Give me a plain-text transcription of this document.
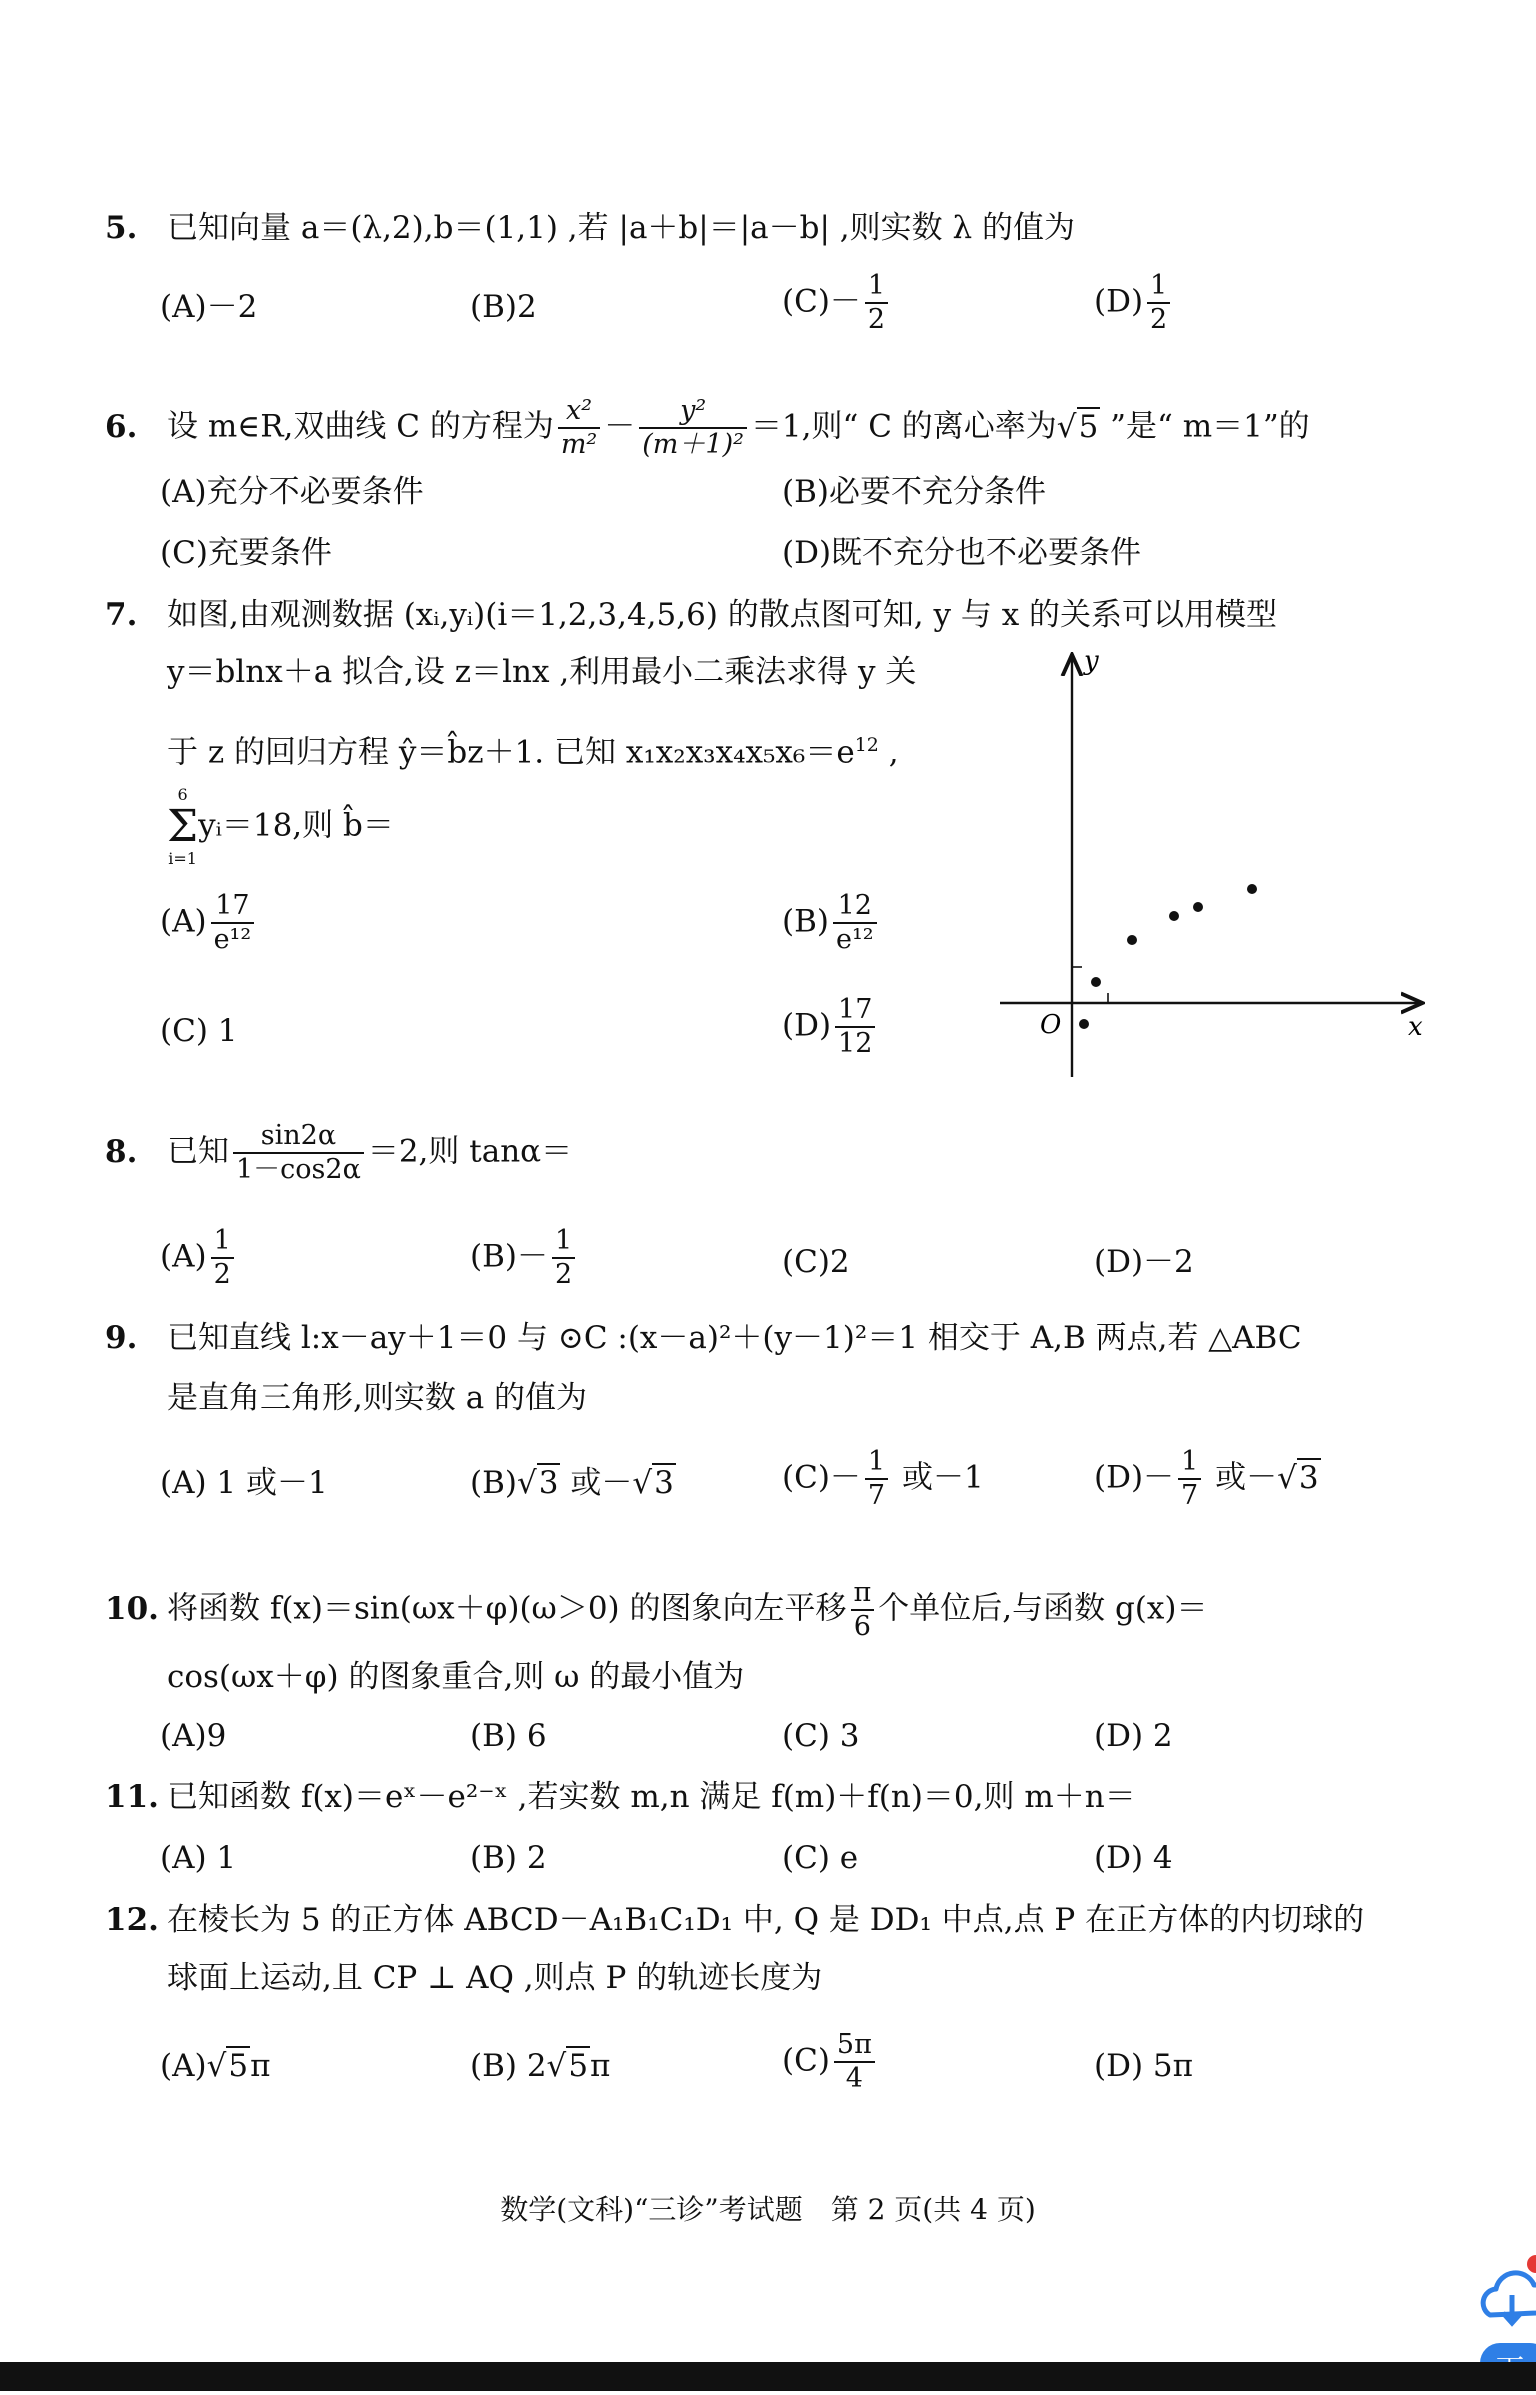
5. 已知向量 a＝(λ,2),b＝(1,1) ,若 |a＋b|＝|a－b| ,则实数 λ 的值为
(A)－2	(B)2	$(C)- \frac{1}{2}$	$(D) \frac{1}{2}$
6. 设 m∈R,双曲线 C 的方程为 $\frac{\text{x²}}{\text{m²}} - \frac{\text{y²}}{\text{(m＋1)²}} =1$,则“ C 的离心率为√5 ”是“ m＝1”的
(A)充分不必要条件	(B)必要不充分条件
(C)充要条件	(D)既不充分也不必要条件
7. 如图,由观测数据 (xᵢ,yᵢ)(i＝1,2,3,4,5,6) 的散点图可知, y 与 x 的关系可以用模型
y＝blnx＋a 拟合,设 z＝lnx ,利用最小二乘法求得 y 关
于 z 的回归方程 ŷ＝b̂z＋1. 已知 $x_1x_2x_3x_4x_5x_6=e^{12}$ ,
6
Σ
i=1
yᵢ＝18,则 b̂＝
$(A) \frac{17}{\text{e¹²}}$	$(B) \frac{12}{\text{e¹²}}$
(C) 1	$(D) \frac{17}{12}$
y
x
O
8. 已知 $\frac{\sin 2\alpha}{1-\cos 2\alpha} =2$,则 tanα＝
$(A) \frac{1}{2}$	$(B)- \frac{1}{2}$	(C)2	(D)－2
9. 已知直线 l:x－ay＋1＝0 与 ⊙C :(x－a)²＋(y－1)²＝1 相交于 A,B 两点,若 △ABC
是直角三角形,则实数 a 的值为
(A) 1 或－1	(B)√3 或－√3	$(C)- \frac{1}{7}$ 或－1	$(D)- \frac{1}{7}$ 或－√3
10. 将函数 f(x)＝sin(ωx＋φ)(ω＞0) 的图象向左平移 $\frac{\pi}{6}$ 个单位后,与函数 g(x)＝
cos(ωx＋φ) 的图象重合,则 ω 的最小值为
(A)9	(B) 6	(C) 3	(D) 2
11. 已知函数 f(x)＝eˣ－e²⁻ˣ ,若实数 m,n 满足 f(m)＋f(n)＝0,则 m＋n＝
(A) 1	(B) 2	(C) e	(D) 4
12. 在棱长为 5 的正方体 ABCD－A₁B₁C₁D₁ 中, Q 是 DD₁ 中点,点 P 在正方体的内切球的
球面上运动,且 CP ⊥ AQ ,则点 P 的轨迹长度为
(A)√5π	(B) 2√5π	$(C) \frac{5\pi}{4}$	(D) 5π
数学(文科)“三诊”考试题　第 2 页(共 4 页)
